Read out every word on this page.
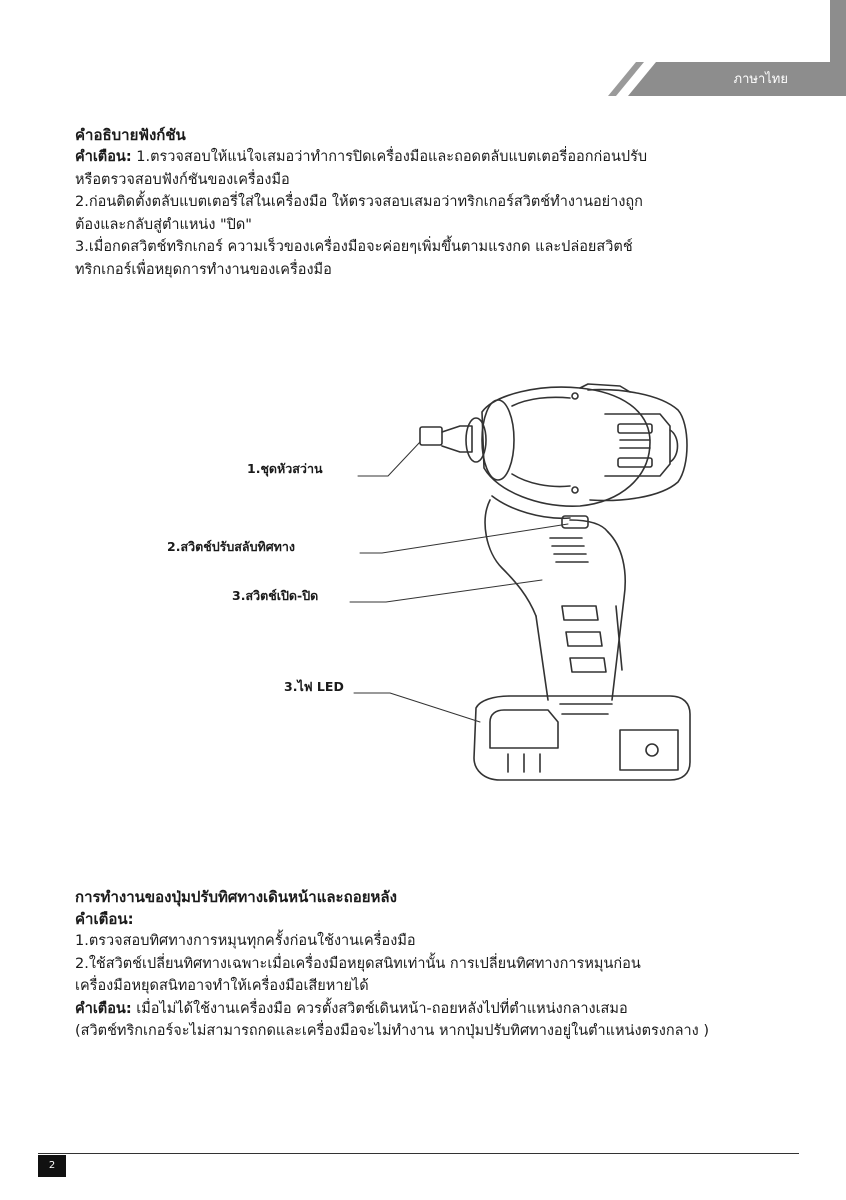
ภาษาไทย

คำอธิบายฟังก์ชัน

คำเตือน: 1.ตรวจสอบให้แน่ใจเสมอว่าทำการปิดเครื่องมือและถอดตลับแบตเตอรี่ออกก่อนปรับ

หรือตรวจสอบฟังก์ชันของเครื่องมือ

2.ก่อนติดตั้งตลับแบตเตอรี่ใส่ในเครื่องมือ ให้ตรวจสอบเสมอว่าทริกเกอร์สวิตช์ทำงานอย่างถูก

ต้องและกลับสู่ตำแหน่ง "ปิด"

3.เมื่อกดสวิตช์ทริกเกอร์ ความเร็วของเครื่องมือจะค่อยๆเพิ่มขึ้นตามแรงกด และปล่อยสวิตช์

ทริกเกอร์เพื่อหยุดการทำงานของเครื่องมือ

1.ชุดหัวสว่าน
2.สวิตช์ปรับสลับทิศทาง
3.สวิตช์เปิด-ปิด
3.ไฟ LED

การทำงานของปุ่มปรับทิศทางเดินหน้าและถอยหลัง

คำเตือน:

1.ตรวจสอบทิศทางการหมุนทุกครั้งก่อนใช้งานเครื่องมือ

2.ใช้สวิตช์เปลี่ยนทิศทางเฉพาะเมื่อเครื่องมือหยุดสนิทเท่านั้น การเปลี่ยนทิศทางการหมุนก่อน

เครื่องมือหยุดสนิทอาจทำให้เครื่องมือเสียหายได้

คำเตือน: เมื่อไม่ได้ใช้งานเครื่องมือ ควรตั้งสวิตช์เดินหน้า-ถอยหลังไปที่ตำแหน่งกลางเสมอ

(สวิตช์ทริกเกอร์จะไม่สามารถกดและเครื่องมือจะไม่ทำงาน หากปุ่มปรับทิศทางอยู่ในตำแหน่งตรงกลาง )

2
